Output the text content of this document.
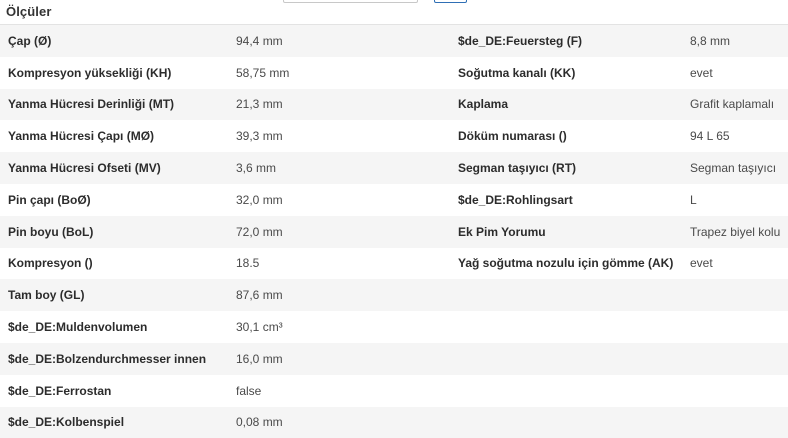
Ölçüler
Çap (Ø)	94,4 mm	$de_DE:Feuersteg (F)	8,8 mm
Kompresyon yüksekliği (KH)	58,75 mm	Soğutma kanalı (KK)	evet
Yanma Hücresi Derinliği (MT)	21,3 mm	Kaplama	Grafit kaplamalı
Yanma Hücresi Çapı (MØ)	39,3 mm	Döküm numarası ()	94 L 65
Yanma Hücresi Ofseti (MV)	3,6 mm	Segman taşıyıcı (RT)	Segman taşıyıcı
Pin çapı (BoØ)	32,0 mm	$de_DE:Rohlingsart	L
Pin boyu (BoL)	72,0 mm	Ek Pim Yorumu	Trapez biyel kolu
Kompresyon ()	18.5	Yağ soğutma nozulu için gömme (AK)	evet
Tam boy (GL)	87,6 mm
$de_DE:Muldenvolumen	30,1 cm³
$de_DE:Bolzendurchmesser innen	16,0 mm
$de_DE:Ferrostan	false
$de_DE:Kolbenspiel	0,08 mm
